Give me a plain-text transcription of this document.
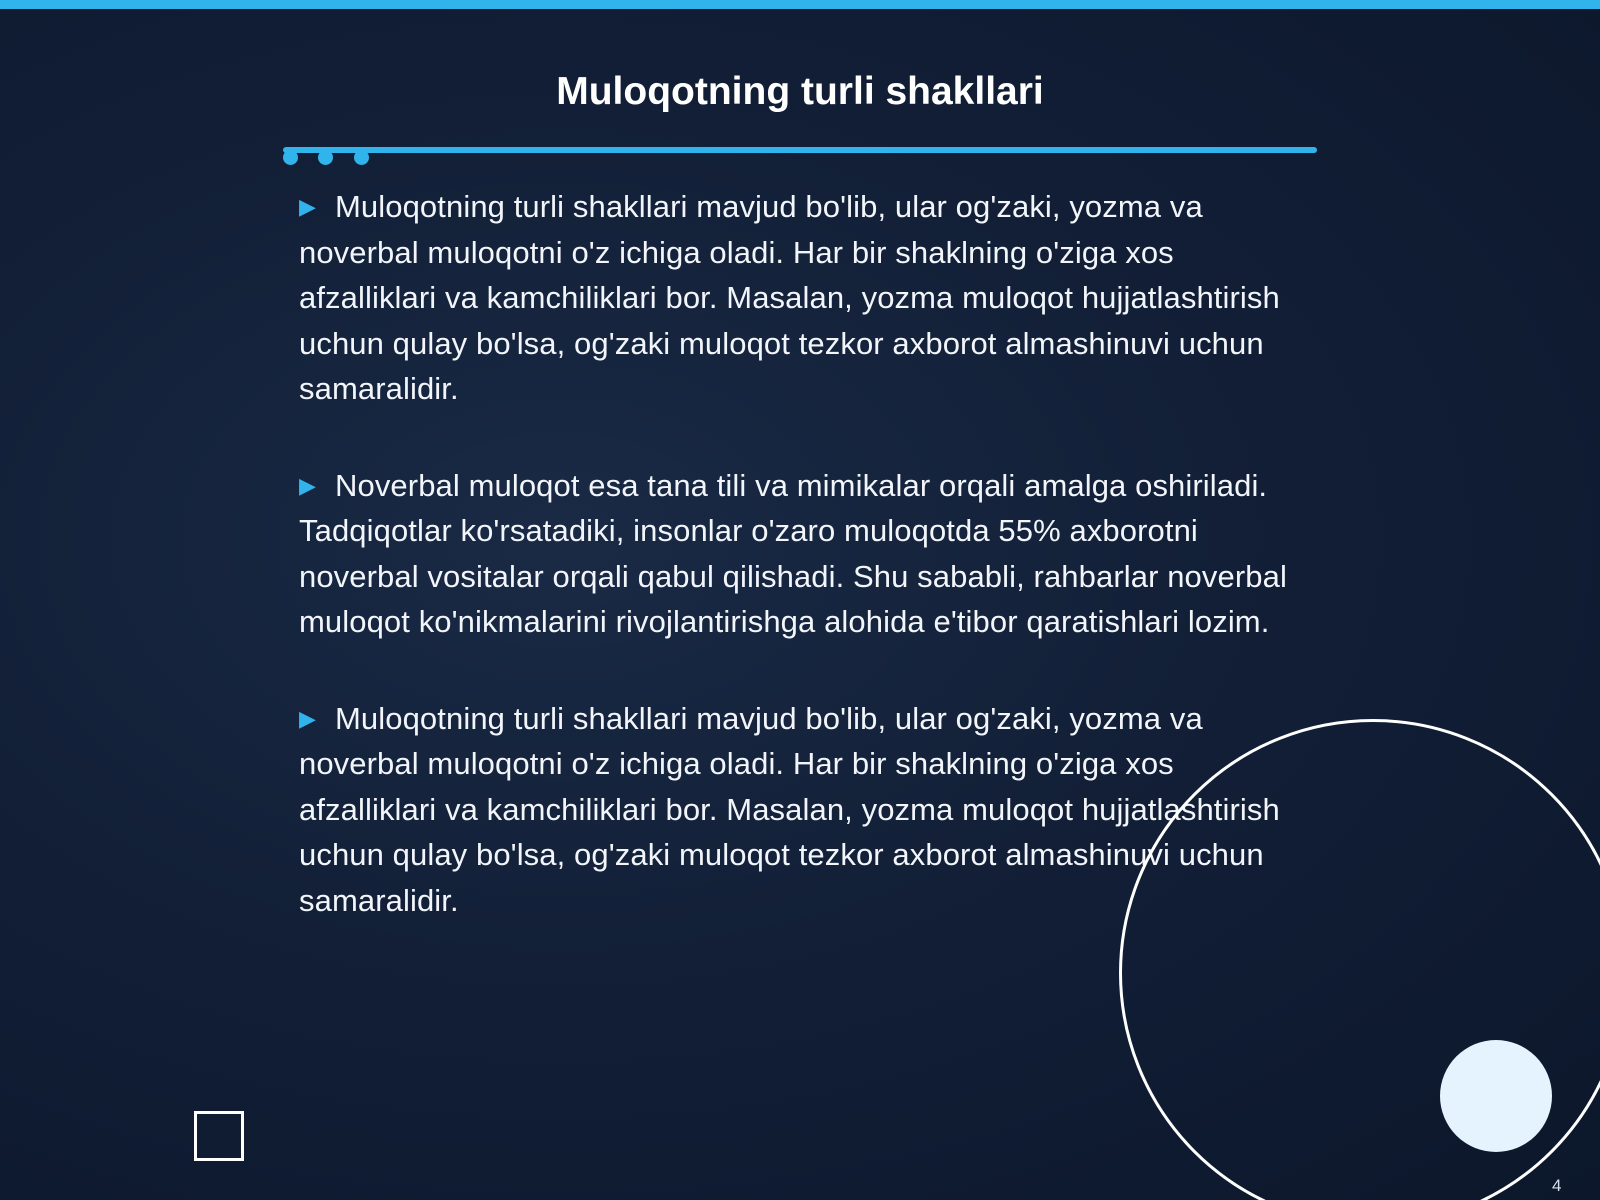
Muloqotning turli shakllari
▶ Muloqotning turli shakllari mavjud bo'lib, ular og'zaki, yozma va noverbal muloqotni o'z ichiga oladi. Har bir shaklning o'ziga xos afzalliklari va kamchiliklari bor. Masalan, yozma muloqot hujjatlashtirish uchun qulay bo'lsa, og'zaki muloqot tezkor axborot almashinuvi uchun samaralidir.
▶ Noverbal muloqot esa tana tili va mimikalar orqali amalga oshiriladi. Tadqiqotlar ko'rsatadiki, insonlar o'zaro muloqotda 55% axborotni noverbal vositalar orqali qabul qilishadi. Shu sababli, rahbarlar noverbal muloqot ko'nikmalarini rivojlantirishga alohida e'tibor qaratishlari lozim.
▶ Muloqotning turli shakllari mavjud bo'lib, ular og'zaki, yozma va noverbal muloqotni o'z ichiga oladi. Har bir shaklning o'ziga xos afzalliklari va kamchiliklari bor. Masalan, yozma muloqot hujjatlashtirish uchun qulay bo'lsa, og'zaki muloqot tezkor axborot almashinuvi uchun samaralidir.
4
